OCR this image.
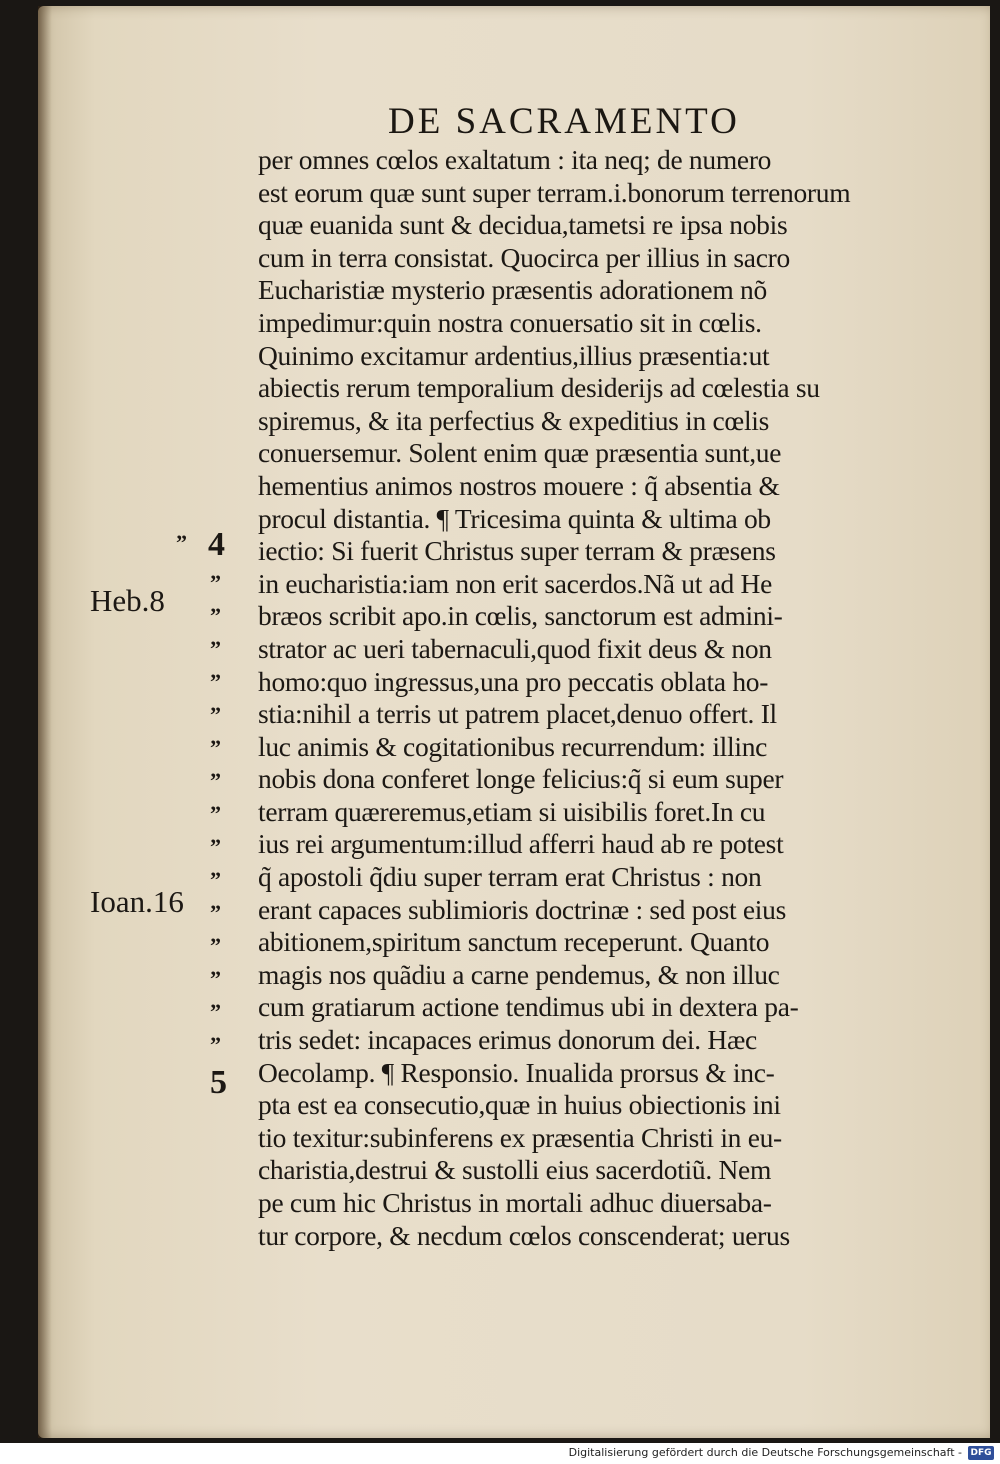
DE SACRAMENTO
per omnes cœlos exaltatum : ita neq; de numero
est eorum quæ sunt super terram.i.bonorum terrenorum
quæ euanida sunt & decidua,tametsi re ipsa nobis
cum in terra consistat. Quocirca per illius in sacro
Eucharistiæ mysterio præsentis adorationem nõ
impedimur:quin nostra conuersatio sit in cœlis.
Quinimo excitamur ardentius,illius præsentia:ut
abiectis rerum temporalium desiderijs ad cœlestia su
spiremus, & ita perfectius & expeditius in cœlis
conuersemur. Solent enim quæ præsentia sunt,ue
hementius animos nostros mouere : q̃ absentia &
procul distantia. ¶ Tricesima quinta & ultima ob
iectio: Si fuerit Christus super terram & præsens
in eucharistia:iam non erit sacerdos.Nã ut ad He
bræos scribit apo.in cœlis, sanctorum est admini-
strator ac ueri tabernaculi,quod fixit deus & non
homo:quo ingressus,una pro peccatis oblata ho-
stia:nihil a terris ut patrem placet,denuo offert. Il
luc animis & cogitationibus recurrendum: illinc
nobis dona conferet longe felicius:q̃ si eum super
terram quæreremus,etiam si uisibilis foret.In cu
ius rei argumentum:illud afferri haud ab re potest
q̃ apostoli q̃diu super terram erat Christus : non
erant capaces sublimioris doctrinæ : sed post eius
abitionem,spiritum sanctum receperunt. Quanto
magis nos quãdiu a carne pendemus, & non illuc
cum gratiarum actione tendimus ubi in dextera pa-
tris sedet: incapaces erimus donorum dei. Hæc
Oecolamp. ¶ Responsio. Inualida prorsus & inc-
pta est ea consecutio,quæ in huius obiectionis ini
tio texitur:subinferens ex præsentia Christi in eu-
charistia,destrui & sustolli eius sacerdotiũ. Nem
pe cum hic Christus in mortali adhuc diuersaba-
tur corpore, & necdum cœlos conscenderat; uerus
” 4
Heb.8
Ioan.16
5
”
”
”
”
”
”
”
”
”
”
”
”
”
”
”
Digitalisierung gefördert durch die Deutsche Forschungsgemeinschaft - DFG
